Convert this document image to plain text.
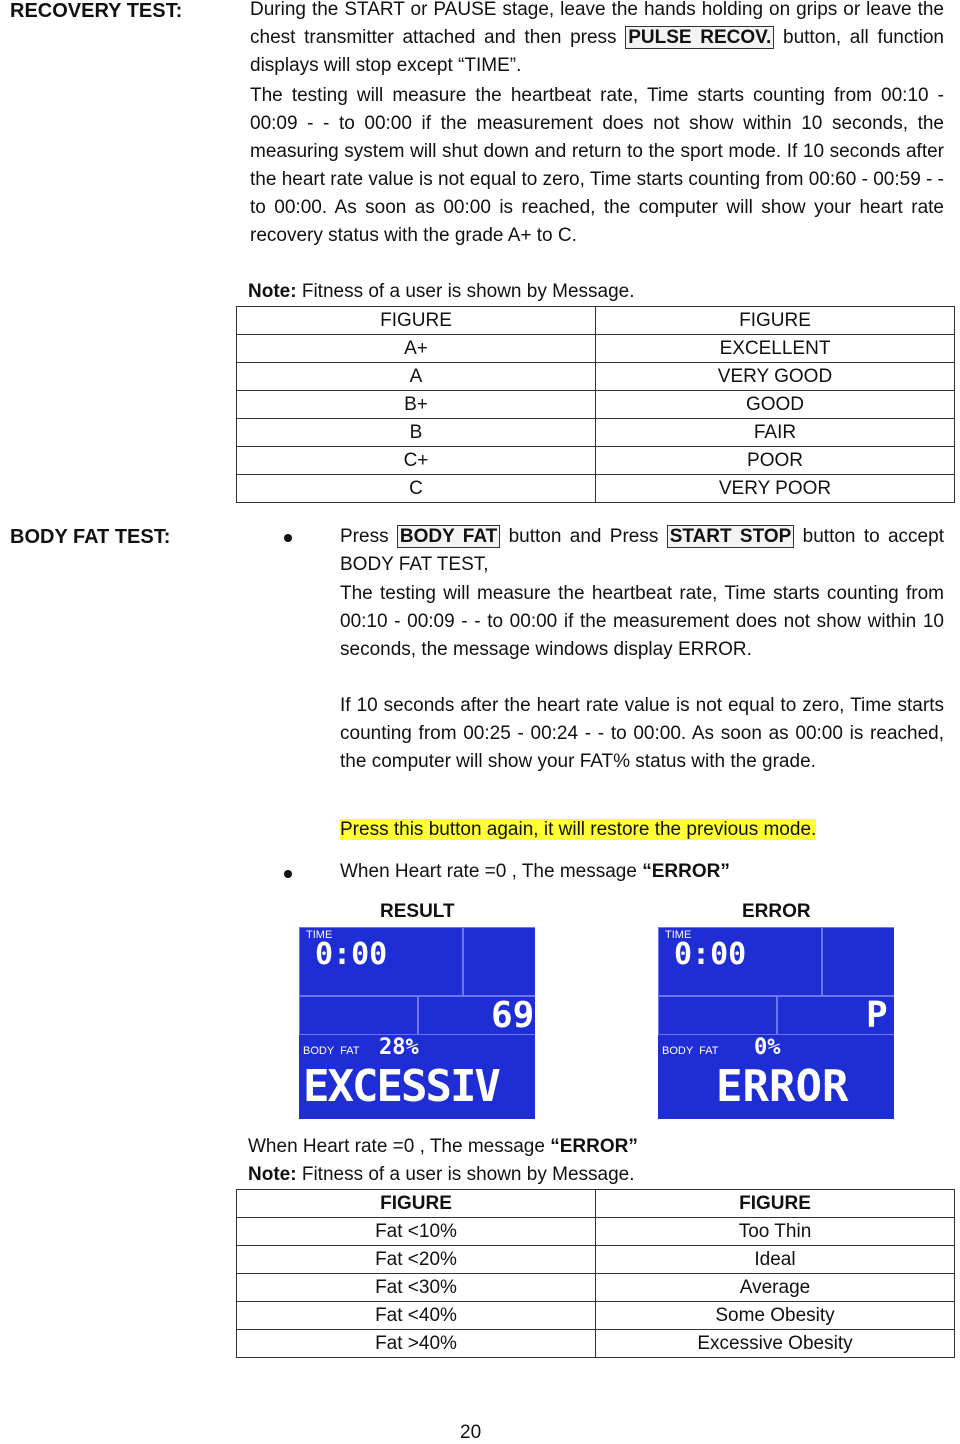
RECOVERY TEST:	During the START or PAUSE stage, leave the hands holding on grips or leave the chest transmitter attached and then press PULSE RECOV. button, all function displays will stop except “TIME”.
The testing will measure the heartbeat rate, Time starts counting from 00:10 - 00:09 - - to 00:00 if the measurement does not show within 10 seconds, the measuring system will shut down and return to the sport mode. If 10 seconds after the heart rate value is not equal to zero, Time starts counting from 00:60 - 00:59 - - to 00:00. As soon as 00:00 is reached, the computer will show your heart rate recovery status with the grade A+ to C.
Note: Fitness of a user is shown by Message.
FIGURE	FIGURE
A+	EXCELLENT
A	VERY GOOD
B+	GOOD
B	FAIR
C+	POOR
C	VERY POOR
BODY FAT TEST:	Press BODY FAT button and Press START STOP button to accept BODY FAT TEST,
The testing will measure the heartbeat rate, Time starts counting from 00:10 - 00:09 - - to 00:00 if the measurement does not show within 10 seconds, the message windows display ERROR.
If 10 seconds after the heart rate value is not equal to zero, Time starts counting from 00:25 - 00:24 - - to 00:00. As soon as 00:00 is reached, the computer will show your FAT% status with the grade.
Press this button again, it will restore the previous mode.
When Heart rate =0 , The message “ERROR”
RESULT	ERROR
TIME
0:00
69
BODY  FAT 28%
EXCESSIV
TIME
0:00
P
BODY  FAT 0%
ERROR
When Heart rate =0 , The message “ERROR”
Note: Fitness of a user is shown by Message.
FIGURE	FIGURE
Fat <10%	Too Thin
Fat <20%	Ideal
Fat <30%	Average
Fat <40%	Some Obesity
Fat >40%	Excessive Obesity
20
